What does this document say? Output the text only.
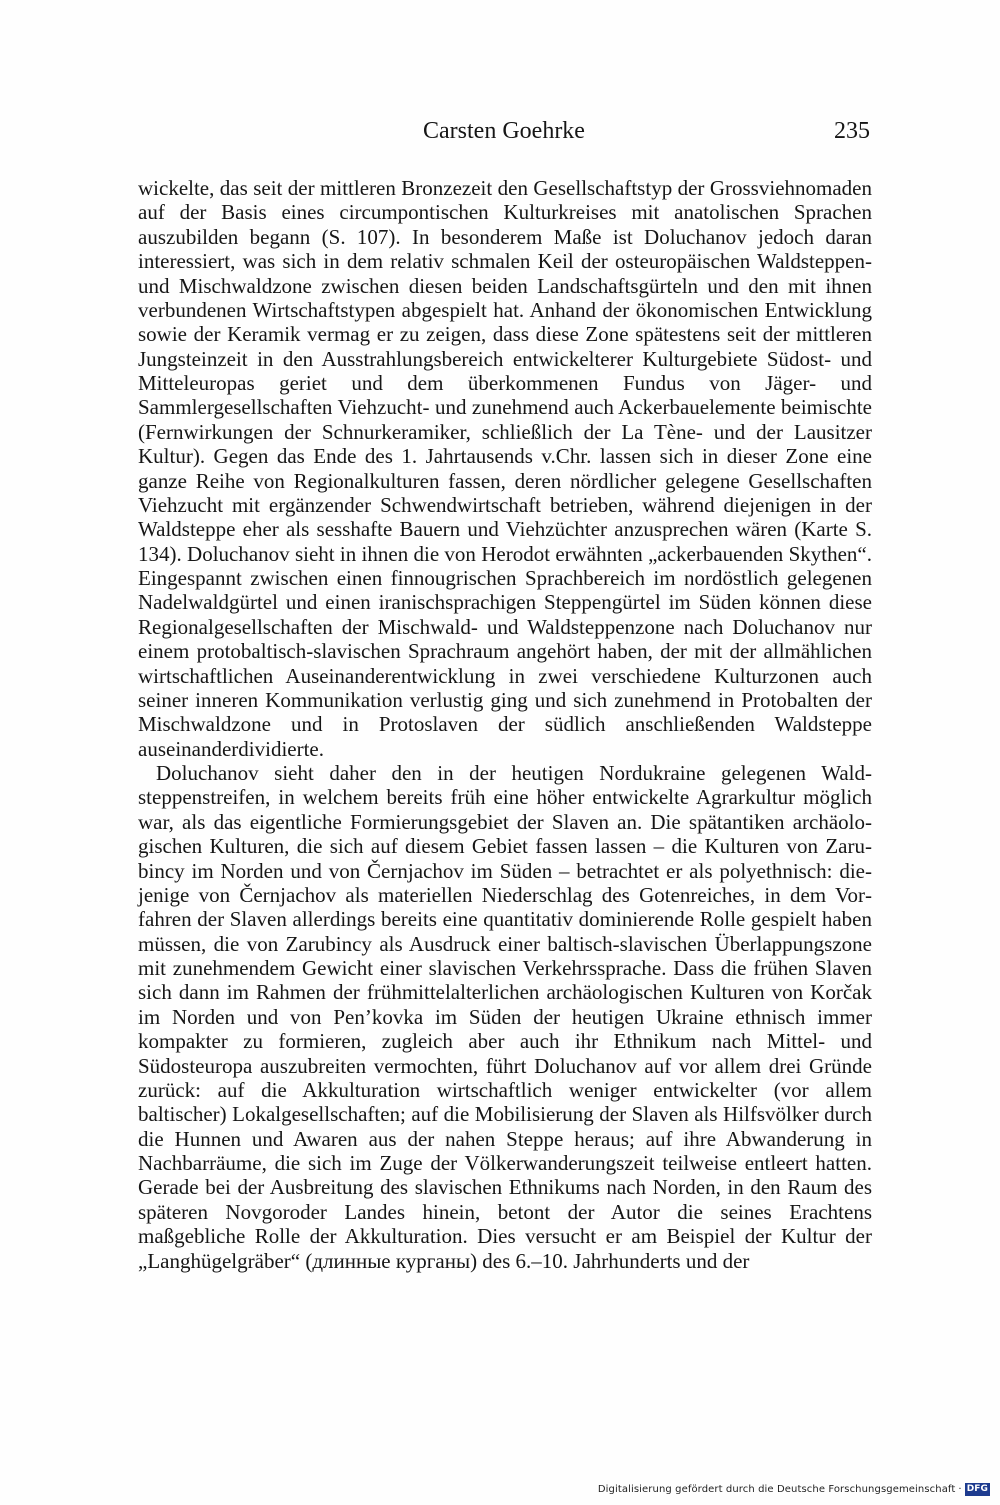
Carsten Goehrke	235

wickelte, das seit der mittleren Bronzezeit den Gesellschaftstyp der Grossviehnomaden auf der Basis eines circumpontischen Kulturkreises mit anatolischen Sprachen auszubilden begann (S. 107). In besonderem Maße ist Doluchanov jedoch daran interessiert, was sich in dem relativ schmalen Keil der osteuropäischen Waldsteppen- und Mischwaldzone zwischen diesen beiden Landschaftsgürteln und den mit ihnen verbundenen Wirtschaftstypen abgespielt hat. Anhand der ökonomischen Entwicklung sowie der Keramik vermag er zu zeigen, dass diese Zone spätestens seit der mittleren Jungsteinzeit in den Ausstrahlungsbereich entwickelterer Kulturgebiete Südost- und Mitteleuropas geriet und dem überkommenen Fundus von Jäger- und Sammlergesellschaften Viehzucht- und zunehmend auch Ackerbauelemente beimischte (Fernwirkungen der Schnurkeramiker, schließlich der La Tène- und der Lausitzer Kultur). Gegen das Ende des 1. Jahrtausends v.Chr. lassen sich in dieser Zone eine ganze Reihe von Regionalkulturen fassen, deren nördlicher gelegene Gesellschaften Viehzucht mit ergänzender Schwendwirtschaft betrieben, während diejenigen in der Waldsteppe eher als sesshafte Bauern und Viehzüchter anzusprechen wären (Karte S. 134). Doluchanov sieht in ihnen die von Herodot erwähnten „ackerbauenden Skythen“. Eingespannt zwischen einen finnougrischen Sprachbereich im nordöstlich gelegenen Nadelwaldgürtel und einen iranischsprachigen Steppengürtel im Süden können diese Regionalgesellschaften der Mischwald- und Waldsteppenzone nach Doluchanov nur einem protobaltisch-slavischen Sprachraum angehört haben, der mit der allmählichen wirtschaftlichen Auseinanderentwicklung in zwei verschiedene Kulturzonen auch seiner inneren Kommunikation verlustig ging und sich zunehmend in Protobalten der Mischwaldzone und in Protoslaven der südlich anschließenden Waldsteppe auseinanderdividierte.

Doluchanov sieht daher den in der heutigen Nordukraine gelegenen Waldsteppenstreifen, in welchem bereits früh eine höher entwickelte Agrarkultur möglich war, als das eigentliche Formierungsgebiet der Slaven an. Die spätantiken archäologischen Kulturen, die sich auf diesem Gebiet fassen lassen – die Kulturen von Zarubincy im Norden und von Černjachov im Süden – betrachtet er als polyethnisch: diejenige von Černjachov als materiellen Niederschlag des Gotenreiches, in dem Vorfahren der Slaven allerdings bereits eine quantitativ dominierende Rolle gespielt haben müssen, die von Zarubincy als Ausdruck einer baltisch-slavischen Überlappungszone mit zunehmendem Gewicht einer slavischen Verkehrssprache. Dass die frühen Slaven sich dann im Rahmen der frühmittelalterlichen archäologischen Kulturen von Korčak im Norden und von Pen’kovka im Süden der heutigen Ukraine ethnisch immer kompakter zu formieren, zugleich aber auch ihr Ethnikum nach Mittel- und Südosteuropa auszubreiten vermochten, führt Doluchanov auf vor allem drei Gründe zurück: auf die Akkulturation wirtschaftlich weniger entwickelter (vor allem baltischer) Lokalgesellschaften; auf die Mobilisierung der Slaven als Hilfsvölker durch die Hunnen und Awaren aus der nahen Steppe heraus; auf ihre Abwanderung in Nachbarräume, die sich im Zuge der Völkerwanderungszeit teilweise entleert hatten. Gerade bei der Ausbreitung des slavischen Ethnikums nach Norden, in den Raum des späteren Novgoroder Landes hinein, betont der Autor die seines Erachtens maßgebliche Rolle der Akkulturation. Dies versucht er am Beispiel der Kultur der „Langhügelgräber“ (длинные курганы) des 6.–10. Jahrhunderts und der

Digitalisierung gefördert durch die Deutsche Forschungsgemeinschaft · DFG
